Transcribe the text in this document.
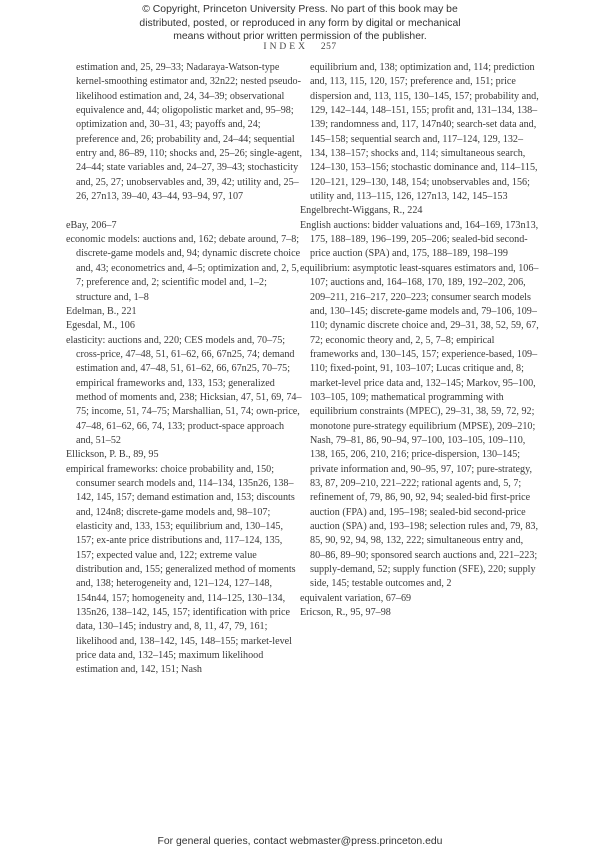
© Copyright, Princeton University Press. No part of this book may be
distributed, posted, or reproduced in any form by digital or mechanical
means without prior written permission of the publisher.
INDEX 257

estimation and, 25, 29–33; Nadaraya-Watson-type kernel-smoothing estimator and, 32n22; nested pseudo-likelihood estimation and, 24, 34–39; observational equivalence and, 44; oligopolistic market and, 95–98; optimization and, 30–31, 43; payoffs and, 24; preference and, 26; probability and, 24–44; sequential entry and, 86–89, 110; shocks and, 25–26; single-agent, 24–44; state variables and, 24–27, 39–43; stochasticity and, 25, 27; unobservables and, 39, 42; utility and, 25–26, 27n13, 39–40, 43–44, 93–94, 97, 107

eBay, 206–7

economic models: auctions and, 162; debate around, 7–8; discrete-game models and, 94; dynamic discrete choice and, 43; econometrics and, 4–5; optimization and, 2, 5, 7; preference and, 2; scientific model and, 1–2; structure and, 1–8

Edelman, B., 221

Egesdal, M., 106

elasticity: auctions and, 220; CES models and, 70–75; cross-price, 47–48, 51, 61–62, 66, 67n25, 74; demand estimation and, 47–48, 51, 61–62, 66, 67n25, 70–75; empirical frameworks and, 133, 153; generalized method of moments and, 238; Hicksian, 47, 51, 69, 74–75; income, 51, 74–75; Marshallian, 51, 74; own-price, 47–48, 61–62, 66, 74, 133; product-space approach and, 51–52

Ellickson, P. B., 89, 95

empirical frameworks: choice probability and, 150; consumer search models and, 114–134, 135n26, 138–142, 145, 157; demand estimation and, 153; discounts and, 124n8; discrete-game models and, 98–107; elasticity and, 133, 153; equilibrium and, 130–145, 157; ex-ante price distributions and, 117–124, 135, 157; expected value and, 122; extreme value distribution and, 155; generalized method of moments and, 138; heterogeneity and, 121–124, 127–148, 154n44, 157; homogeneity and, 114–125, 130–134, 135n26, 138–142, 145, 157; identification with price data, 130–145; industry and, 8, 11, 47, 79, 161; likelihood and, 138–142, 145, 148–155; market-level price data and, 132–145; maximum likelihood estimation and, 142, 151; Nash

equilibrium and, 138; optimization and, 114; prediction and, 113, 115, 120, 157; preference and, 151; price dispersion and, 113, 115, 130–145, 157; probability and, 129, 142–144, 148–151, 155; profit and, 131–134, 138–139; randomness and, 117, 147n40; search-set data and, 145–158; sequential search and, 117–124, 129, 132–134, 138–157; shocks and, 114; simultaneous search, 124–130, 153–156; stochastic dominance and, 114–115, 120–121, 129–130, 148, 154; unobservables and, 156; utility and, 113–115, 126, 127n13, 142, 145–153

Engelbrecht-Wiggans, R., 224

English auctions: bidder valuations and, 164–169, 173n13, 175, 188–189, 196–199, 205–206; sealed-bid second-price auction (SPA) and, 175, 188–189, 198–199

equilibrium: asymptotic least-squares estimators and, 106–107; auctions and, 164–168, 170, 189, 192–202, 206, 209–211, 216–217, 220–223; consumer search models and, 130–145; discrete-game models and, 79–106, 109–110; dynamic discrete choice and, 29–31, 38, 52, 59, 67, 72; economic theory and, 2, 5, 7–8; empirical frameworks and, 130–145, 157; experience-based, 109–110; fixed-point, 91, 103–107; Lucas critique and, 8; market-level price data and, 132–145; Markov, 95–100, 103–105, 109; mathematical programming with equilibrium constraints (MPEC), 29–31, 38, 59, 72, 92; monotone pure-strategy equilibrium (MPSE), 209–210; Nash, 79–81, 86, 90–94, 97–100, 103–105, 109–110, 138, 165, 206, 210, 216; price-dispersion, 130–145; private information and, 90–95, 97, 107; pure-strategy, 83, 87, 209–210, 221–222; rational agents and, 5, 7; refinement of, 79, 86, 90, 92, 94; sealed-bid first-price auction (FPA) and, 195–198; sealed-bid second-price auction (SPA) and, 193–198; selection rules and, 79, 83, 85, 90, 92, 94, 98, 132, 222; simultaneous entry and, 80–86, 89–90; sponsored search auctions and, 221–223; supply-demand, 52; supply function (SFE), 220; supply side, 145; testable outcomes and, 2

equivalent variation, 67–69

Ericson, R., 95, 97–98

For general queries, contact webmaster@press.princeton.edu
